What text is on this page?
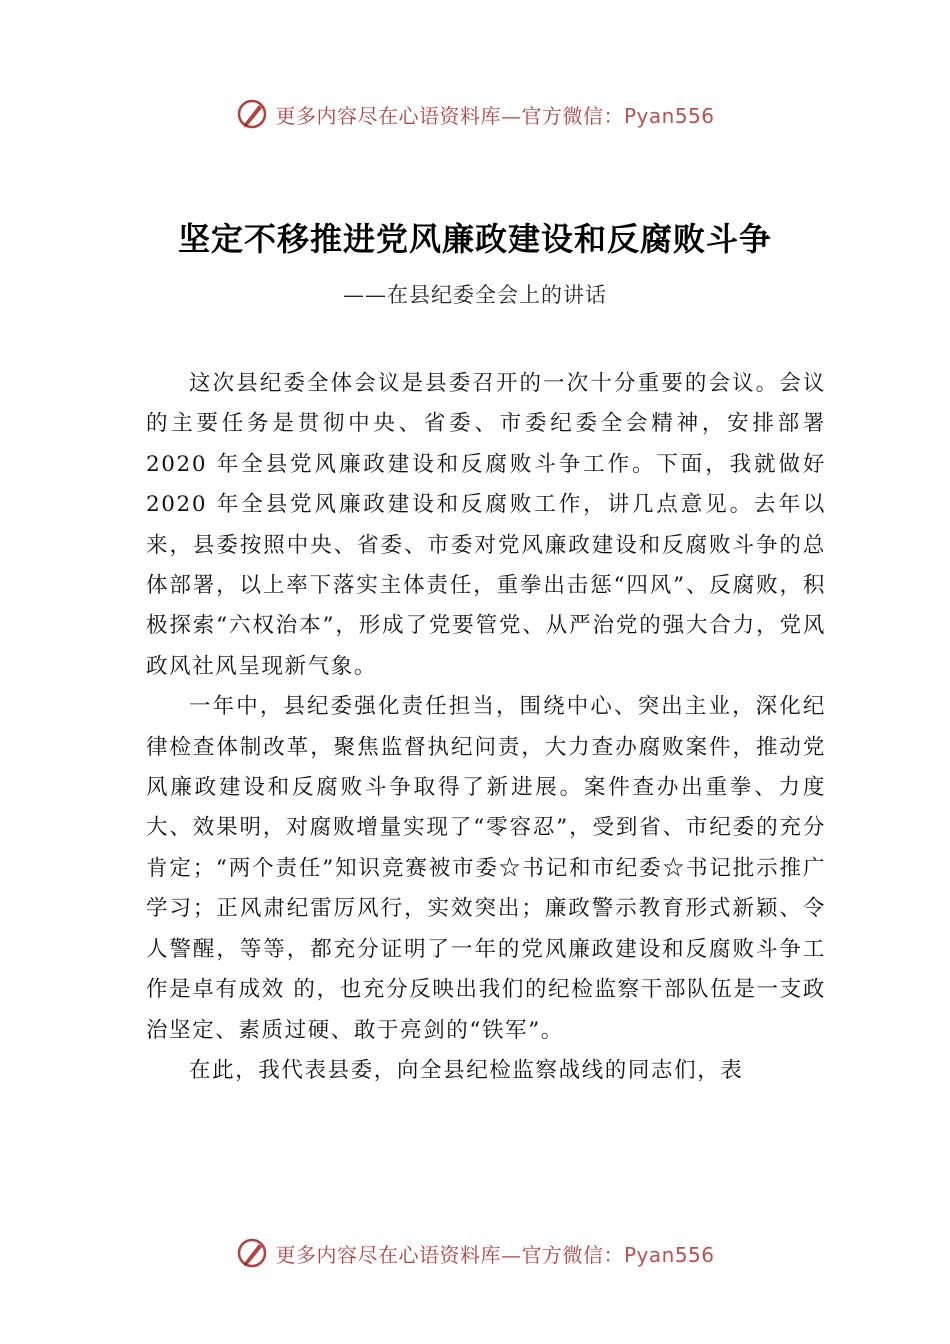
更多内容尽在心语资料库—官方微信：Pyan556
坚定不移推进党风廉政建设和反腐败斗争
——在县纪委全会上的讲话

这次县纪委全体会议是县委召开的一次十分重要的会议。会议的主要任务是贯彻中央、省委、市委纪委全会精神，安排部署 2020 年全县党风廉政建设和反腐败斗争工作。下面，我就做好 2020 年全县党风廉政建设和反腐败工作，讲几点意见。去年以来，县委按照中央、省委、市委对党风廉政建设和反腐败斗争的总体部署，以上率下落实主体责任，重拳出击惩“四风”、反腐败，积极探索“六权治本”，形成了党要管党、从严治党的强大合力，党风政风社风呈现新气象。

一年中，县纪委强化责任担当，围绕中心、突出主业，深化纪律检查体制改革，聚焦监督执纪问责，大力查办腐败案件，推动党风廉政建设和反腐败斗争取得了新进展。案件查办出重拳、力度大、效果明，对腐败增量实现了“零容忍”，受到省、市纪委的充分肯定；“两个责任”知识竞赛被市委☆书记和市纪委☆书记批示推广学习；正风肃纪雷厉风行，实效突出；廉政警示教育形式新颖、令人警醒，等等，都充分证明了一年的党风廉政建设和反腐败斗争工作是卓有成效 的，也充分反映出我们的纪检监察干部队伍是一支政治坚定、素质过硬、敢于亮剑的“铁军”。

在此，我代表县委，向全县纪检监察战线的同志们，表

更多内容尽在心语资料库—官方微信：Pyan556
